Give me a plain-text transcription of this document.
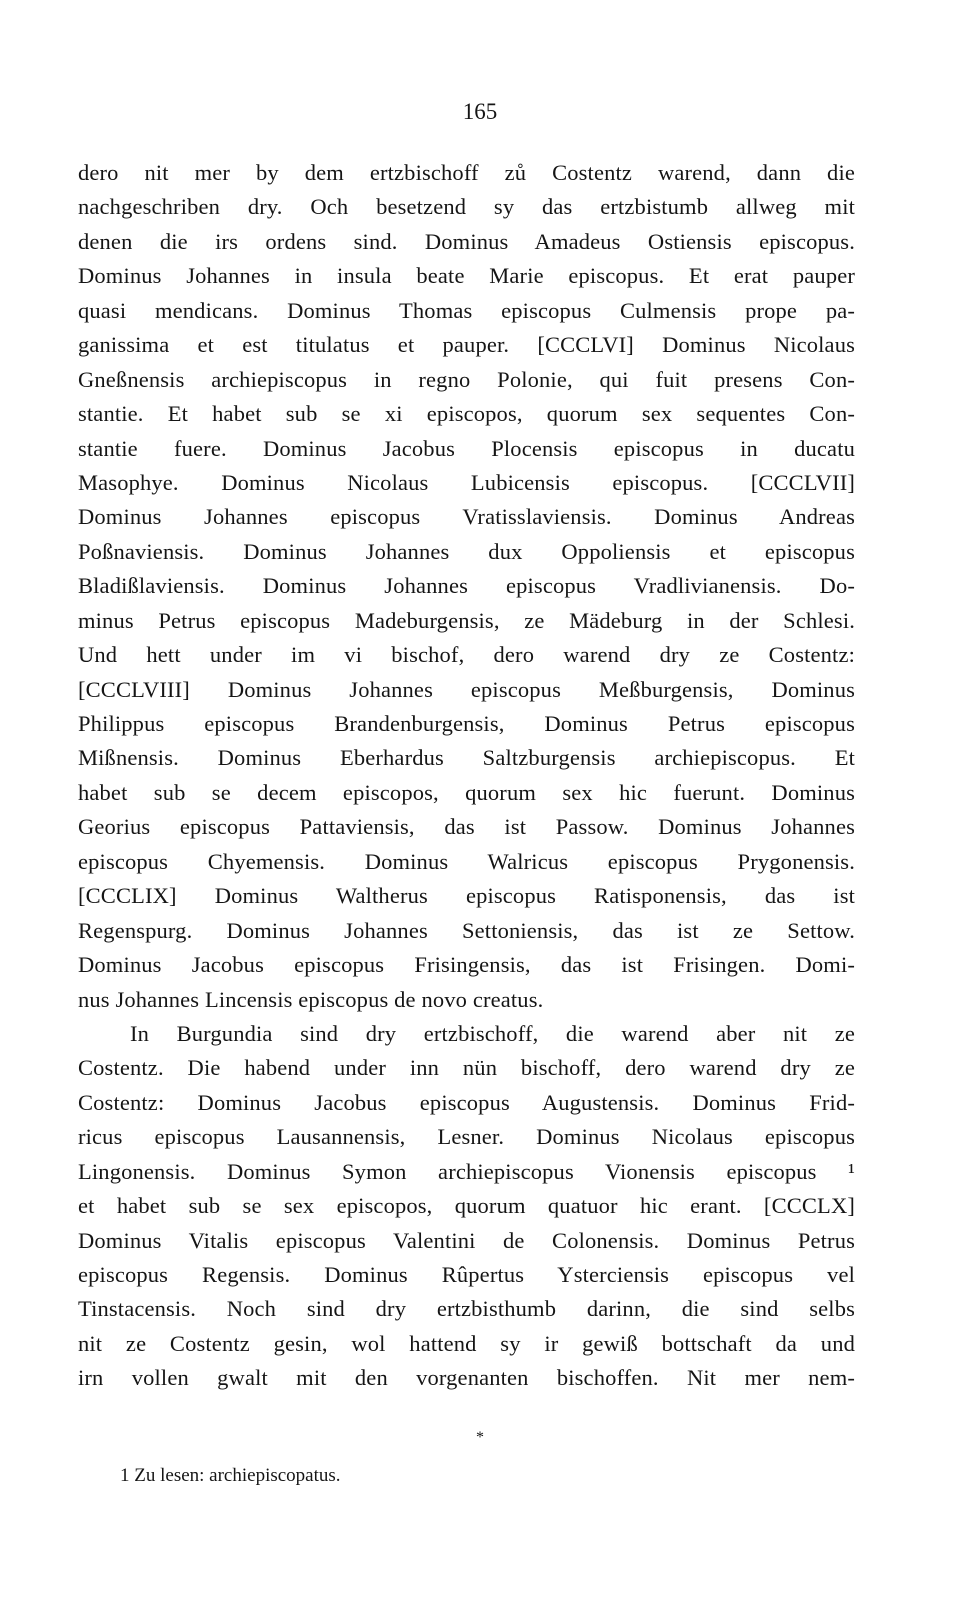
165
dero nit mer by dem ertzbischoff zů Costentz warend, dann die
nachgeschriben dry. Och besetzend sy das ertzbistumb allweg mit
denen die irs ordens sind. Dominus Amadeus Ostiensis episcopus.
Dominus Johannes in insula beate Marie episcopus. Et erat pauper
quasi mendicans. Dominus Thomas episcopus Culmensis prope pa-
ganissima et est titulatus et pauper. [CCCLVI] Dominus Nicolaus
Gneßnensis archiepiscopus in regno Polonie, qui fuit presens Con-
stantie. Et habet sub se xi episcopos, quorum sex sequentes Con-
stantie fuere. Dominus Jacobus Plocensis episcopus in ducatu
Masophye. Dominus Nicolaus Lubicensis episcopus. [CCCLVII]
Dominus Johannes episcopus Vratisslaviensis. Dominus Andreas
Poßnaviensis. Dominus Johannes dux Oppoliensis et episcopus
Bladißlaviensis. Dominus Johannes episcopus Vradlivianensis. Do-
minus Petrus episcopus Madeburgensis, ze Mädeburg in der Schlesi.
Und hett under im vi bischof, dero warend dry ze Costentz:
[CCCLVIII] Dominus Johannes episcopus Meßburgensis, Dominus
Philippus episcopus Brandenburgensis, Dominus Petrus episcopus
Mißnensis. Dominus Eberhardus Saltzburgensis archiepiscopus. Et
habet sub se decem episcopos, quorum sex hic fuerunt. Dominus
Georius episcopus Pattaviensis, das ist Passow. Dominus Johannes
episcopus Chyemensis. Dominus Walricus episcopus Prygonensis.
[CCCLIX] Dominus Waltherus episcopus Ratisponensis, das ist
Regenspurg. Dominus Johannes Settoniensis, das ist ze Settow.
Dominus Jacobus episcopus Frisingensis, das ist Frisingen. Domi-
nus Johannes Lincensis episcopus de novo creatus.
In Burgundia sind dry ertzbischoff, die warend aber nit ze
Costentz. Die habend under inn nün bischoff, dero warend dry ze
Costentz: Dominus Jacobus episcopus Augustensis. Dominus Frid-
ricus episcopus Lausannensis, Lesner. Dominus Nicolaus episcopus
Lingonensis. Dominus Symon archiepiscopus Vionensis episcopus ¹
et habet sub se sex episcopos, quorum quatuor hic erant. [CCCLX]
Dominus Vitalis episcopus Valentini de Colonensis. Dominus Petrus
episcopus Regensis. Dominus Rûpertus Ysterciensis episcopus vel
Tinstacensis. Noch sind dry ertzbisthumb darinn, die sind selbs
nit ze Costentz gesin, wol hattend sy ir gewiß bottschaft da und
irn vollen gwalt mit den vorgenanten bischoffen. Nit mer nem-
*
1 Zu lesen: archiepiscopatus.
